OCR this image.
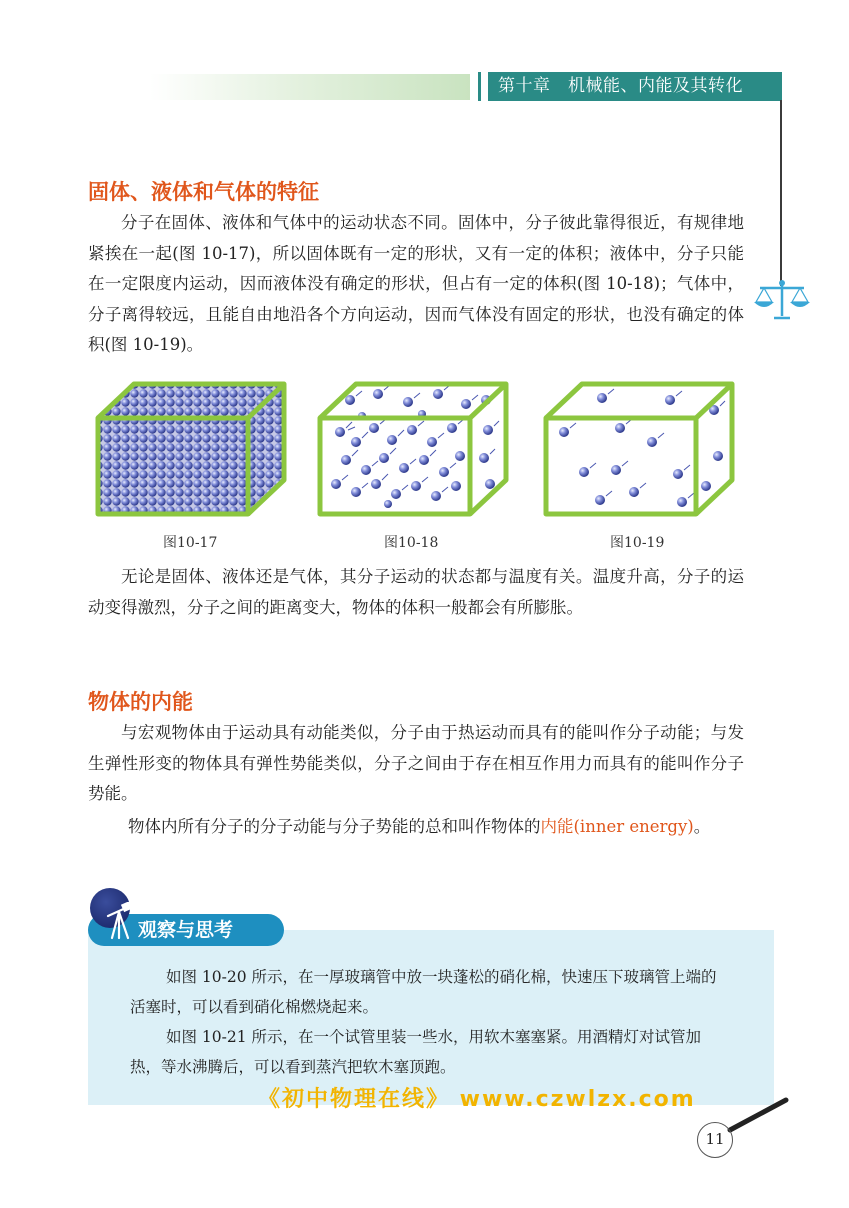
第十章　机械能、内能及其转化
固体、液体和气体的特征

分子在固体、液体和气体中的运动状态不同。固体中，分子彼此靠得很近，有规律地紧挨在一起(图 10-17)，所以固体既有一定的形状，又有一定的体积；液体中，分子只能在一定限度内运动，因而液体没有确定的形状，但占有一定的体积(图 10-18)；气体中，分子离得较远，且能自由地沿各个方向运动，因而气体没有固定的形状，也没有确定的体积(图 10-19)。

图10-17	图10-18	图10-19

无论是固体、液体还是气体，其分子运动的状态都与温度有关。温度升高，分子的运动变得激烈，分子之间的距离变大，物体的体积一般都会有所膨胀。

物体的内能

与宏观物体由于运动具有动能类似，分子由于热运动而具有的能叫作分子动能；与发生弹性形变的物体具有弹性势能类似，分子之间由于存在相互作用力而具有的能叫作分子势能。

物体内所有分子的分子动能与分子势能的总和叫作物体的内能(inner energy)。

观察与思考

如图 10-20 所示，在一厚玻璃管中放一块蓬松的硝化棉，快速压下玻璃管上端的活塞时，可以看到硝化棉燃烧起来。

如图 10-21 所示，在一个试管里装一些水，用软木塞塞紧。用酒精灯对试管加热，等水沸腾后，可以看到蒸汽把软木塞顶跑。

《初中物理在线》 www.czwlzx.com
11
